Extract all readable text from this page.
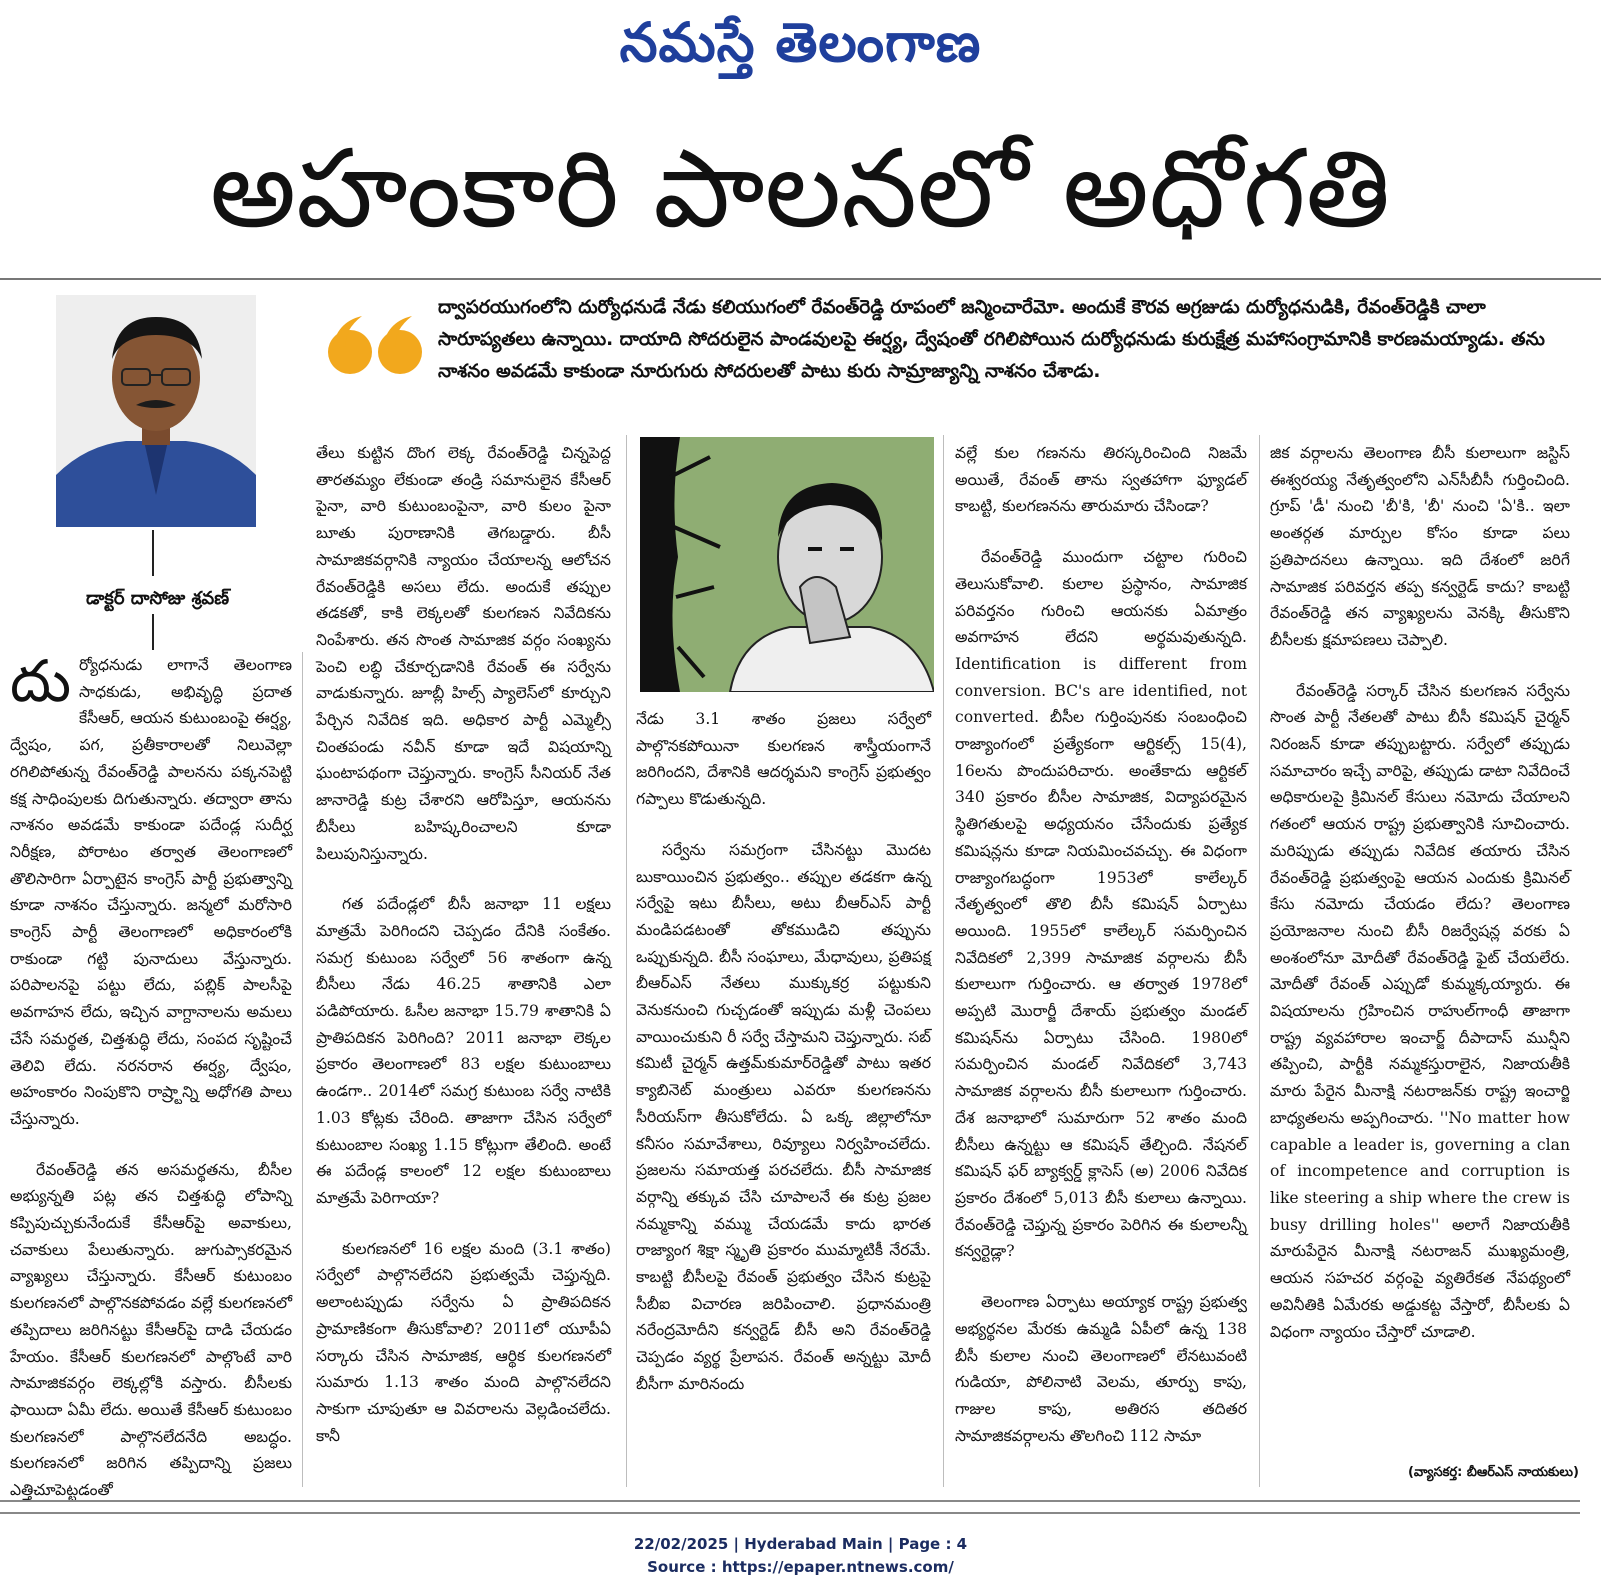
నమస్తే తెలంగాణ
అహంకారి పాలనలో అధోగతి
డాక్టర్ దాసోజు శ్రవణ్
ద్వాపరయుగంలోని దుర్యోధనుడే నేడు కలియుగంలో రేవంత్‌రెడ్డి రూపంలో జన్మించారేమో. అందుకే కౌరవ అగ్రజుడు దుర్యోధనుడికి, రేవంత్‌రెడ్డికి చాలా సారూప్యతలు ఉన్నాయి. దాయాది సోదరులైన పాండవులపై ఈర్ష్య, ద్వేషంతో రగిలిపోయిన దుర్యోధనుడు కురుక్షేత్ర మహాసంగ్రామానికి కారణమయ్యాడు. తను నాశనం అవడమే కాకుండా నూరుగురు సోదరులతో పాటు కురు సామ్రాజ్యాన్ని నాశనం చేశాడు.

దుర్యోధనుడు లాగానే తెలంగాణ సాధకుడు, అభివృద్ధి ప్రదాత కేసీఆర్, ఆయన కుటుంబంపై ఈర్ష్య, ద్వేషం, పగ, ప్రతీకారాలతో నిలువెల్లా రగిలిపోతున్న రేవంత్‌రెడ్డి పాలనను పక్కనపెట్టి కక్ష సాధింపులకు దిగుతున్నారు. తద్వారా తాను నాశనం అవడమే కాకుండా పదేండ్ల సుదీర్ఘ నిరీక్షణ, పోరాటం తర్వాత తెలంగాణలో తొలిసారిగా ఏర్పాటైన కాంగ్రెస్ పార్టీ ప్రభుత్వాన్ని కూడా నాశనం చేస్తున్నారు. జన్మలో మరోసారి కాంగ్రెస్ పార్టీ తెలంగాణలో అధికారంలోకి రాకుండా గట్టి పునాదులు వేస్తున్నారు. పరిపాలనపై పట్టు లేదు, పబ్లిక్ పాలసీపై అవగాహన లేదు, ఇచ్చిన వాగ్దానాలను అమలు చేసే సమర్థత, చిత్తశుద్ధి లేదు, సంపద సృష్టించే తెలివి లేదు. నరనరాన ఈర్ష్య, ద్వేషం, అహంకారం నింపుకొని రాష్ర్టాన్ని అధోగతి పాలు చేస్తున్నారు.

రేవంత్‌రెడ్డి తన అసమర్థతను, బీసీల అభ్యున్నతి పట్ల తన చిత్తశుద్ధి లోపాన్ని కప్పిపుచ్చుకునేందుకే కేసీఆర్‌పై అవాకులు, చవాకులు పేలుతున్నారు. జుగుప్సాకరమైన వ్యాఖ్యలు చేస్తున్నారు. కేసీఆర్ కుటుంబం కులగణనలో పాల్గొనకపోవడం వల్లే కులగణనలో తప్పిదాలు జరిగినట్టు కేసీఆర్‌పై దాడి చేయడం హేయం. కేసీఆర్ కులగణనలో పాల్గొంటే వారి సామాజికవర్గం లెక్కల్లోకి వస్తారు. బీసీలకు ఫాయిదా ఏమీ లేదు. అయితే కేసీఆర్ కుటుంబం కులగణనలో పాల్గొనలేదనేది అబద్ధం. కులగణనలో జరిగిన తప్పిదాన్ని ప్రజలు ఎత్తిచూపెట్టడంతో

తేలు కుట్టిన దొంగ లెక్క రేవంత్‌రెడ్డి చిన్నపెద్ద తారతమ్యం లేకుండా తండ్రి సమానులైన కేసీఆర్ పైనా, వారి కుటుంబంపైనా, వారి కులం పైనా బూతు పురాణానికి తెగబడ్డారు. బీసీ సామాజికవర్గానికి న్యాయం చేయాలన్న ఆలోచన రేవంత్‌రెడ్డికి అసలు లేదు. అందుకే తప్పుల తడకతో, కాకి లెక్కలతో కులగణన నివేదికను నింపేశారు. తన సొంత సామాజిక వర్గం సంఖ్యను పెంచి లబ్ధి చేకూర్చడానికి రేవంత్ ఈ సర్వేను వాడుకున్నారు. జూబ్లీ హిల్స్ ప్యాలెస్‌లో కూర్చుని పేర్చిన నివేదిక ఇది. అధికార పార్టీ ఎమ్మెల్సీ చింతపండు నవీన్ కూడా ఇదే విషయాన్ని ఘంటాపథంగా చెప్తున్నారు. కాంగ్రెస్ సీనియర్ నేత జానారెడ్డి కుట్ర చేశారని ఆరోపిస్తూ, ఆయనను బీసీలు బహిష్కరించాలని కూడా పిలుపునిస్తున్నారు.

గత పదేండ్లలో బీసీ జనాభా 11 లక్షలు మాత్రమే పెరిగిందని చెప్పడం దేనికి సంకేతం. సమగ్ర కుటుంబ సర్వేలో 56 శాతంగా ఉన్న బీసీలు నేడు 46.25 శాతానికి ఎలా పడిపోయారు. ఓసీల జనాభా 15.79 శాతానికి ఏ ప్రాతిపదికన పెరిగింది? 2011 జనాభా లెక్కల ప్రకారం తెలంగాణలో 83 లక్షల కుటుంబాలు ఉండగా.. 2014లో సమగ్ర కుటుంబ సర్వే నాటికి 1.03 కోట్లకు చేరింది. తాజాగా చేసిన సర్వేలో కుటుంబాల సంఖ్య 1.15 కోట్లుగా తేలింది. అంటే ఈ పదేండ్ల కాలంలో 12 లక్షల కుటుంబాలు మాత్రమే పెరిగాయా?

కులగణనలో 16 లక్షల మంది (3.1 శాతం) సర్వేలో పాల్గొనలేదని ప్రభుత్వమే చెప్తున్నది. అలాంటప్పుడు సర్వేను ఏ ప్రాతిపదికన ప్రామాణికంగా తీసుకోవాలి? 2011లో యూపీఏ సర్కారు చేసిన సామాజిక, ఆర్థిక కులగణనలో సుమారు 1.13 శాతం మంది పాల్గొనలేదని సాకుగా చూపుతూ ఆ వివరాలను వెల్లడించలేదు. కానీ

నేడు 3.1 శాతం ప్రజలు సర్వేలో పాల్గొనకపోయినా కులగణన శాస్త్రీయంగానే జరిగిందని, దేశానికి ఆదర్శమని కాంగ్రెస్ ప్రభుత్వం గప్పాలు కొడుతున్నది.

సర్వేను సమగ్రంగా చేసినట్టు మొదట బుకాయించిన ప్రభుత్వం.. తప్పుల తడకగా ఉన్న సర్వేపై ఇటు బీసీలు, అటు బీఆర్‌ఎస్ పార్టీ మండిపడటంతో తోకముడిచి తప్పును ఒప్పుకున్నది. బీసీ సంఘాలు, మేధావులు, ప్రతిపక్ష బీఆర్‌ఎస్ నేతలు ముక్కుకర్ర పట్టుకుని వెనుకనుంచి గుచ్చడంతో ఇప్పుడు మళ్లీ చెంపలు వాయించుకుని రీ సర్వే చేస్తామని చెప్తున్నారు. సబ్ కమిటీ చైర్మన్ ఉత్తమ్‌కుమార్‌రెడ్డితో పాటు ఇతర క్యాబినెట్ మంత్రులు ఎవరూ కులగణనను సీరియస్‌గా తీసుకోలేదు. ఏ ఒక్క జిల్లాలోనూ కనీసం సమావేశాలు, రివ్యూలు నిర్వహించలేదు. ప్రజలను సమాయత్త పరచలేదు. బీసీ సామాజిక వర్గాన్ని తక్కువ చేసి చూపాలనే ఈ కుట్ర ప్రజల నమ్మకాన్ని వమ్ము చేయడమే కాదు భారత రాజ్యాంగ శిక్షా స్మృతి ప్రకారం ముమ్మాటికీ నేరమే. కాబట్టి బీసీలపై రేవంత్ ప్రభుత్వం చేసిన కుట్రపై సీబీఐ విచారణ జరిపించాలి. ప్రధానమంత్రి నరేంద్రమోదీని కన్వర్టెడ్ బీసీ అని రేవంత్‌రెడ్డి చెప్పడం వ్యర్థ ప్రేలాపన. రేవంత్ అన్నట్టు మోదీ బీసీగా మారినందు

వల్లే కుల గణనను తిరస్కరించింది నిజమే అయితే, రేవంత్ తాను స్వతహాగా ఫ్యూడల్ కాబట్టి, కులగణనను తారుమారు చేసిండా?

రేవంత్‌రెడ్డి ముందుగా చట్టాల గురించి తెలుసుకోవాలి. కులాల ప్రస్థానం, సామాజిక పరివర్తనం గురించి ఆయనకు ఏమాత్రం అవగాహన లేదని అర్థమవుతున్నది. Identification is different from conversion. BC's are identified, not converted. బీసీల గుర్తింపునకు సంబంధించి రాజ్యాంగంలో ప్రత్యేకంగా ఆర్టికల్స్ 15(4), 16లను పొందుపరిచారు. అంతేకాదు ఆర్టికల్ 340 ప్రకారం బీసీల సామాజిక, విద్యాపరమైన స్థితిగతులపై అధ్యయనం చేసేందుకు ప్రత్యేక కమిషన్లను కూడా నియమించవచ్చు. ఈ విధంగా రాజ్యాంగబద్ధంగా 1953లో కాలేల్కర్ నేతృత్వంలో తొలి బీసీ కమిషన్ ఏర్పాటు అయింది. 1955లో కాలేల్కర్ సమర్పించిన నివేదికలో 2,399 సామాజిక వర్గాలను బీసీ కులాలుగా గుర్తించారు. ఆ తర్వాత 1978లో అప్పటి మొరార్జీ దేశాయ్ ప్రభుత్వం మండల్ కమిషన్‌ను ఏర్పాటు చేసింది. 1980లో సమర్పించిన మండల్ నివేదికలో 3,743 సామాజిక వర్గాలను బీసీ కులాలుగా గుర్తించారు. దేశ జనాభాలో సుమారుగా 52 శాతం మంది బీసీలు ఉన్నట్టు ఆ కమిషన్ తేల్చింది. నేషనల్ కమిషన్ ఫర్ బ్యాక్వర్డ్ క్లాసెస్ (అ) 2006 నివేదిక ప్రకారం దేశంలో 5,013 బీసీ కులాలు ఉన్నాయి. రేవంత్‌రెడ్డి చెప్తున్న ప్రకారం పెరిగిన ఈ కులాలన్నీ కన్వర్టెడ్లా?

తెలంగాణ ఏర్పాటు అయ్యాక రాష్ట్ర ప్రభుత్వ అభ్యర్థనల మేరకు ఉమ్మడి ఏపీలో ఉన్న 138 బీసీ కులాల నుంచి తెలంగాణలో లేనటువంటి గుడియా, పోలినాటి వెలమ, తూర్పు కాపు, గాజుల కాపు, అతిరస తదితర సామాజికవర్గాలను తొలగించి 112 సామా

జిక వర్గాలను తెలంగాణ బీసీ కులాలుగా జస్టిస్ ఈశ్వరయ్య నేతృత్వంలోని ఎన్‌సీబీసీ గుర్తించింది. గ్రూప్ 'డీ' నుంచి 'బీ'కి, 'బీ' నుంచి 'ఏ'కి.. ఇలా అంతర్గత మార్పుల కోసం కూడా పలు ప్రతిపాదనలు ఉన్నాయి. ఇది దేశంలో జరిగే సామాజిక పరివర్తన తప్ప కన్వర్టెడ్ కాదు? కాబట్టి రేవంత్‌రెడ్డి తన వ్యాఖ్యలను వెనక్కి తీసుకొని బీసీలకు క్షమాపణలు చెప్పాలి.

రేవంత్‌రెడ్డి సర్కార్ చేసిన కులగణన సర్వేను సొంత పార్టీ నేతలతో పాటు బీసీ కమిషన్ చైర్మన్ నిరంజన్ కూడా తప్పుబట్టారు. సర్వేలో తప్పుడు సమాచారం ఇచ్చే వారిపై, తప్పుడు డాటా నివేదించే అధికారులపై క్రిమినల్ కేసులు నమోదు చేయాలని గతంలో ఆయన రాష్ట్ర ప్రభుత్వానికి సూచించారు. మరిప్పుడు తప్పుడు నివేదిక తయారు చేసిన రేవంత్‌రెడ్డి ప్రభుత్వంపై ఆయన ఎందుకు క్రిమినల్ కేసు నమోదు చేయడం లేదు? తెలంగాణ ప్రయోజనాల నుంచి బీసీ రిజర్వేషన్ల వరకు ఏ అంశంలోనూ మోదీతో రేవంత్‌రెడ్డి ఫైట్ చేయలేరు. మోదీతో రేవంత్ ఎప్పుడో కుమ్మక్కయ్యారు. ఈ విషయాలను గ్రహించిన రాహుల్‌గాంధీ తాజాగా రాష్ట్ర వ్యవహారాల ఇంచార్జ్ దీపాదాస్ మున్షీని తప్పించి, పార్టీకి నమ్మకస్తురాలైన, నిజాయతీకి మారు పేరైన మీనాక్షి నటరాజన్‌కు రాష్ట్ర ఇంచార్జి బాధ్యతలను అప్పగించారు. ''No matter how capable a leader is, governing a clan of incompetence and corruption is like steering a ship where the crew is busy drilling holes'' అలాగే నిజాయతీకి మారుపేరైన మీనాక్షి నటరాజన్ ముఖ్యమంత్రి, ఆయన సహచర వర్గంపై వ్యతిరేకత నేపథ్యంలో అవినీతికి ఏమేరకు అడ్డుకట్ట వేస్తారో, బీసీలకు ఏ విధంగా న్యాయం చేస్తారో చూడాలి.

(వ్యాసకర్త: బీఆర్‌ఎస్ నాయకులు)
22/02/2025 | Hyderabad Main | Page : 4
Source : https://epaper.ntnews.com/
